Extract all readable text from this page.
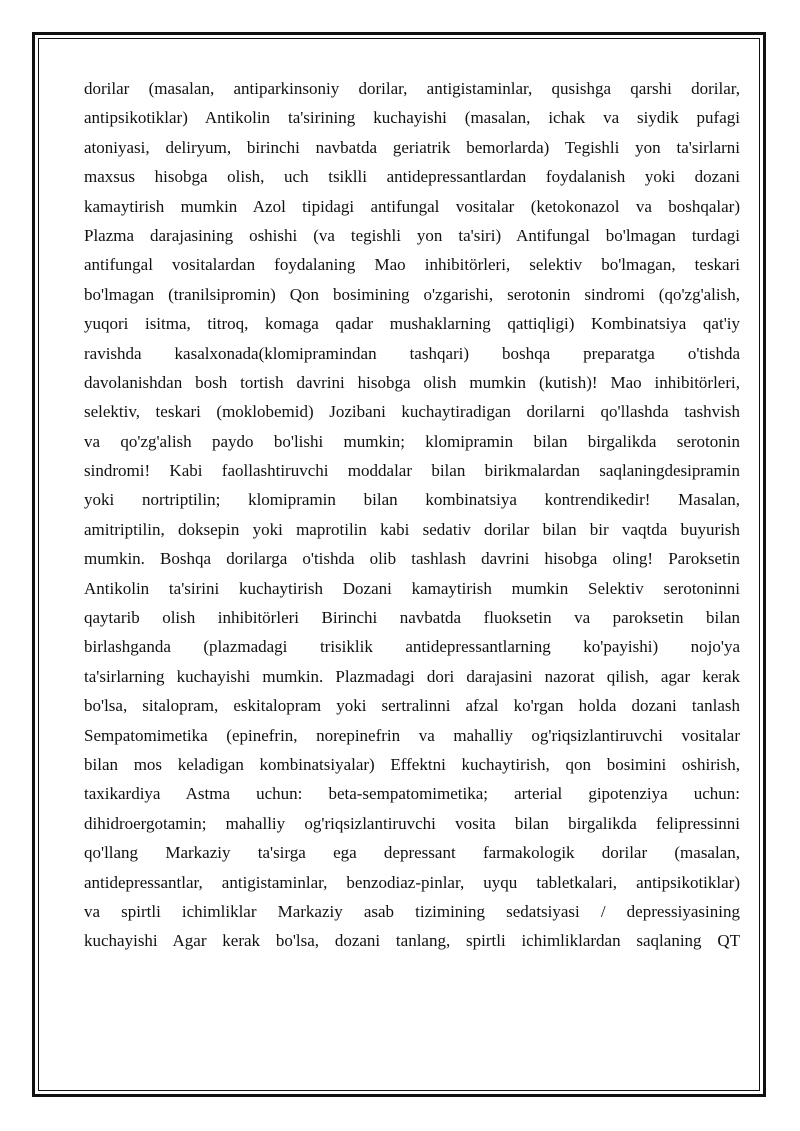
dorilar (masalan, antiparkinsoniy dorilar, antigistaminlar, qusishga qarshi dorilar,
antipsikotiklar) Antikolin ta'sirining kuchayishi (masalan, ichak va siydik pufagi
atoniyasi, deliryum, birinchi navbatda geriatrik bemorlarda) Tegishli yon ta'sirlarni
maxsus hisobga olish, uch tsiklli antidepressantlardan foydalanish yoki dozani
kamaytirish mumkin Azol tipidagi antifungal vositalar (ketokonazol va boshqalar)
Plazma darajasining oshishi (va tegishli yon ta'siri) Antifungal bo'lmagan turdagi
antifungal vositalardan foydalaning Mao inhibitörleri, selektiv bo'lmagan, teskari
bo'lmagan (tranilsipromin) Qon bosimining o'zgarishi, serotonin sindromi (qo'zg'alish,
yuqori isitma, titroq, komaga qadar mushaklarning qattiqligi) Kombinatsiya qat'iy
ravishda kasalxonada(klomipramindan tashqari) boshqa preparatga o'tishda
davolanishdan bosh tortish davrini hisobga olish mumkin (kutish)! Mao inhibitörleri,
selektiv, teskari (moklobemid) Jozibani kuchaytiradigan dorilarni qo'llashda tashvish
va qo'zg'alish paydo bo'lishi mumkin; klomipramin bilan birgalikda serotonin
sindromi! Kabi faollashtiruvchi moddalar bilan birikmalardan saqlaningdesipramin
yoki nortriptilin; klomipramin bilan kombinatsiya kontrendikedir! Masalan,
amitriptilin, doksepin yoki maprotilin kabi sedativ dorilar bilan bir vaqtda buyurish
mumkin. Boshqa dorilarga o'tishda olib tashlash davrini hisobga oling! Paroksetin
Antikolin ta'sirini kuchaytirish Dozani kamaytirish mumkin Selektiv serotoninni
qaytarib olish inhibitörleri Birinchi navbatda fluoksetin va paroksetin bilan
birlashganda (plazmadagi trisiklik antidepressantlarning ko'payishi) nojo'ya
ta'sirlarning kuchayishi mumkin. Plazmadagi dori darajasini nazorat qilish, agar kerak
bo'lsa, sitalopram, eskitalopram yoki sertralinni afzal ko'rgan holda dozani tanlash
Sempatomimetika (epinefrin, norepinefrin va mahalliy og'riqsizlantiruvchi vositalar
bilan mos keladigan kombinatsiyalar) Effektni kuchaytirish, qon bosimini oshirish,
taxikardiya Astma uchun: beta-sempatomimetika; arterial gipotenziya uchun:
dihidroergotamin; mahalliy og'riqsizlantiruvchi vosita bilan birgalikda felipressinni
qo'llang Markaziy ta'sirga ega depressant farmakologik dorilar (masalan,
antidepressantlar, antigistaminlar, benzodiaz-pinlar, uyqu tabletkalari, antipsikotiklar)
va spirtli ichimliklar Markaziy asab tizimining sedatsiyasi / depressiyasining
kuchayishi Agar kerak bo'lsa, dozani tanlang, spirtli ichimliklardan saqlaning QT
